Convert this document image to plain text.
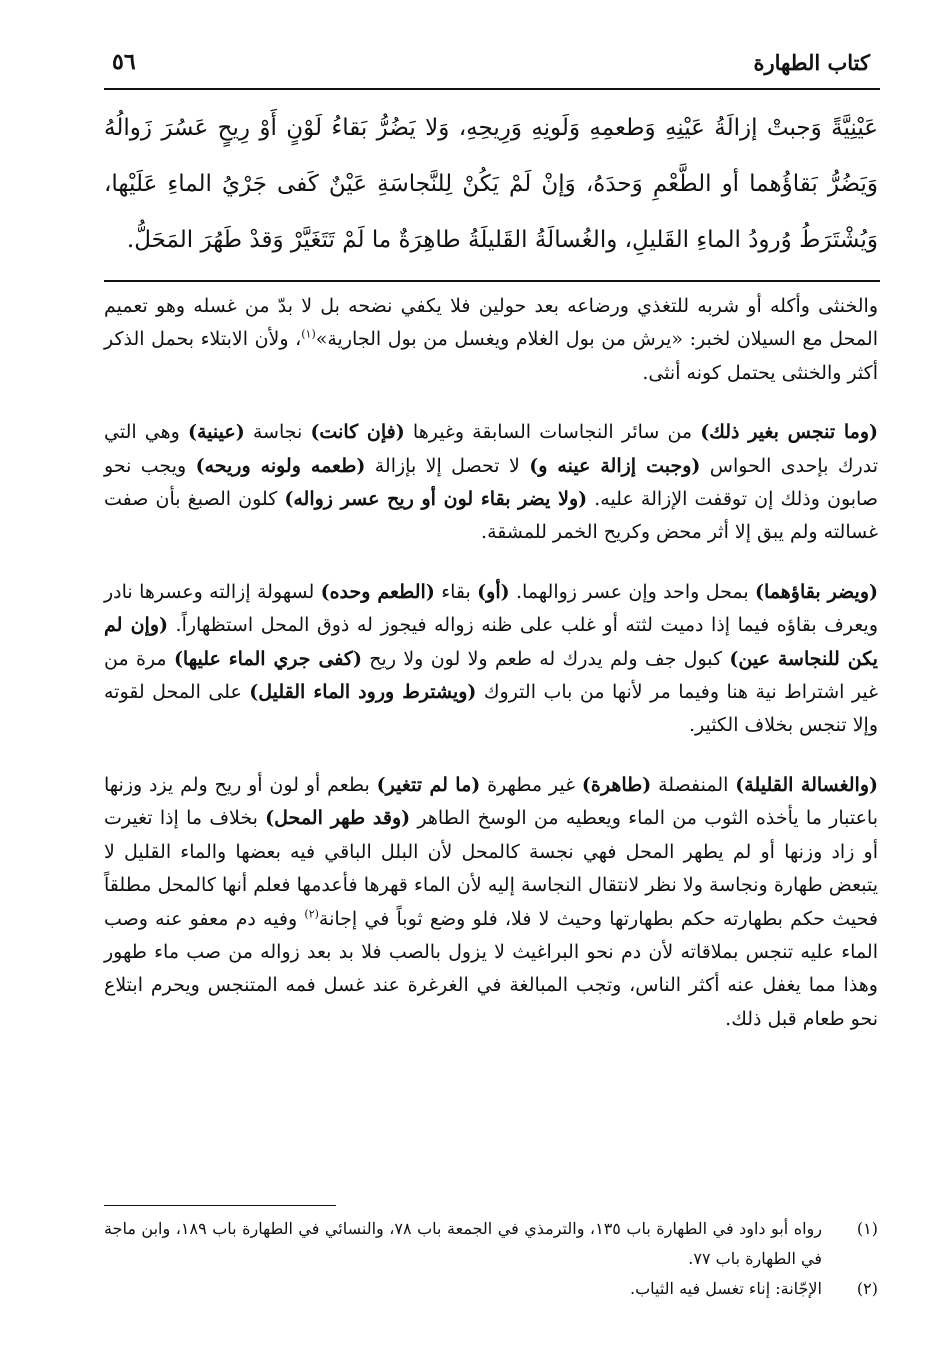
كتاب الطهارة
٥٦
عَيْنِيَّةً وَجبتْ إزالَةُ عَيْنِهِ وَطعمِهِ وَلَونِهِ وَرِيحِهِ، وَلا يَضُرُّ بَقاءُ لَوْنٍ أَوْ رِيحٍ عَسُرَ زَوالُهُ وَيَضُرُّ بَقاؤُهما أو الطَّعْمِ وَحدَهُ، وَإنْ لَمْ يَكُنْ لِلنَّجاسَةِ عَيْنٌ كَفى جَرْيُ الماءِ عَلَيْها، وَيُشْتَرَطُ وُرودُ الماءِ القَليلِ، والغُسالَةُ القَليلَةُ طاهِرَةٌ ما لَمْ تَتَغَيَّرْ وَقدْ طَهُرَ المَحَلُّ.

والخنثى وأكله أو شربه للتغذي ورضاعه بعد حولين فلا يكفي نضحه بل لا بدّ من غسله وهو تعميم المحل مع السيلان لخبر: «يرش من بول الغلام ويغسل من بول الجارية»$^{(١)}$، ولأن الابتلاء بحمل الذكر أكثر والخنثى يحتمل كونه أنثى.

(وما تنجس بغير ذلك) من سائر النجاسات السابقة وغيرها (فإن كانت) نجاسة (عينية) وهي التي تدرك بإحدى الحواس (وجبت إزالة عينه و) لا تحصل إلا بإزالة (طعمه ولونه وريحه) ويجب نحو صابون وذلك إن توقفت الإزالة عليه. (ولا يضر بقاء لون أو ريح عسر زواله) كلون الصبغ بأن صفت غسالته ولم يبق إلا أثر محض وكريح الخمر للمشقة.

(ويضر بقاؤهما) بمحل واحد وإن عسر زوالهما. (أو) بقاء (الطعم وحده) لسهولة إزالته وعسرها نادر ويعرف بقاؤه فيما إذا دميت لثته أو غلب على ظنه زواله فيجوز له ذوق المحل استظهاراً. (وإن لم يكن للنجاسة عين) كبول جف ولم يدرك له طعم ولا لون ولا ريح (كفى جري الماء عليها) مرة من غير اشتراط نية هنا وفيما مر لأنها من باب التروك (ويشترط ورود الماء القليل) على المحل لقوته وإلا تنجس بخلاف الكثير.

(والغسالة القليلة) المنفصلة (طاهرة) غير مطهرة (ما لم تتغير) بطعم أو لون أو ريح ولم يزد وزنها باعتبار ما يأخذه الثوب من الماء ويعطيه من الوسخ الطاهر (وقد طهر المحل) بخلاف ما إذا تغيرت أو زاد وزنها أو لم يطهر المحل فهي نجسة كالمحل لأن البلل الباقي فيه بعضها والماء القليل لا يتبعض طهارة ونجاسة ولا نظر لانتقال النجاسة إليه لأن الماء قهرها فأعدمها فعلم أنها كالمحل مطلقاً فحيث حكم بطهارته حكم بطهارتها وحيث لا فلا، فلو وضع ثوباً في إجانة$^{(٢)}$ وفيه دم معفو عنه وصب الماء عليه تنجس بملاقاته لأن دم نحو البراغيث لا يزول بالصب فلا بد بعد زواله من صب ماء طهور وهذا مما يغفل عنه أكثر الناس، وتجب المبالغة في الغرغرة عند غسل فمه المتنجس ويحرم ابتلاع نحو طعام قبل ذلك.

(١)
رواه أبو داود في الطهارة باب ١٣٥، والترمذي في الجمعة باب ٧٨، والنسائي في الطهارة باب ١٨٩، وابن ماجة في الطهارة باب ٧٧.
(٢)
الإجّانة: إناء تغسل فيه الثياب.
